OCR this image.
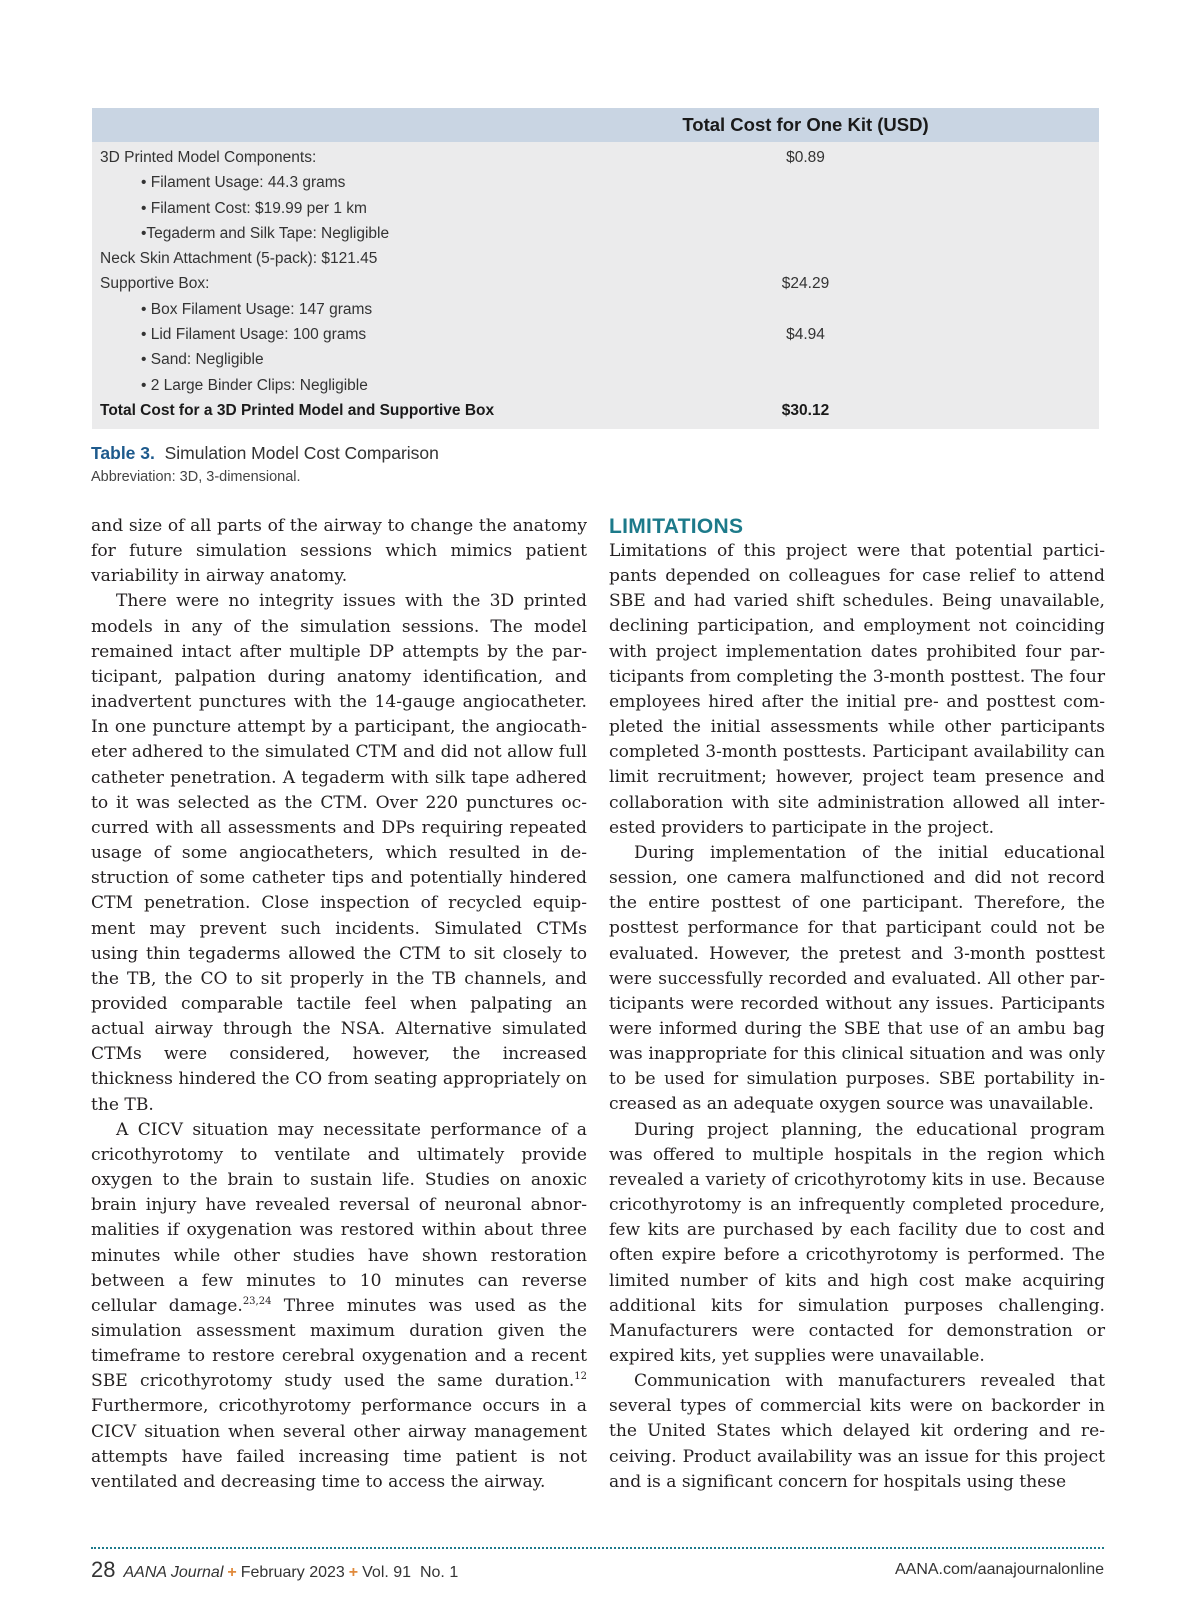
Total Cost for One Kit (USD)
3D Printed Model Components:	$0.89
• Filament Usage: 44.3 grams
• Filament Cost: $19.99 per 1 km
•Tegaderm and Silk Tape: Negligible
Neck Skin Attachment (5-pack): $121.45
Supportive Box:	$24.29
• Box Filament Usage: 147 grams
• Lid Filament Usage: 100 grams	$4.94
• Sand: Negligible
• 2 Large Binder Clips: Negligible
Total Cost for a 3D Printed Model and Supportive Box	$30.12
Table 3. Simulation Model Cost Comparison
Abbreviation: 3D, 3-dimensional.

and size of all parts of the airway to change the anatomy for future simulation sessions which mimics patient variability in airway anatomy.

There were no integrity issues with the 3D printed models in any of the simulation sessions. The model remained intact after multiple DP attempts by the participant, palpation during anatomy identification, and inadvertent punctures with the 14-gauge angiocatheter. In one puncture attempt by a participant, the angiocatheter adhered to the simulated CTM and did not allow full catheter penetration. A tegaderm with silk tape adhered to it was selected as the CTM. Over 220 punctures occurred with all assessments and DPs requiring repeated usage of some angiocatheters, which resulted in destruction of some catheter tips and potentially hindered CTM penetration. Close inspection of recycled equipment may prevent such incidents. Simulated CTMs using thin tegaderms allowed the CTM to sit closely to the TB, the CO to sit properly in the TB channels, and provided comparable tactile feel when palpating an actual airway through the NSA. Alternative simulated CTMs were considered, however, the increased thickness hindered the CO from seating appropriately on the TB.

A CICV situation may necessitate performance of a cricothyrotomy to ventilate and ultimately provide oxygen to the brain to sustain life. Studies on anoxic brain injury have revealed reversal of neuronal abnormalities if oxygenation was restored within about three minutes while other studies have shown restoration between a few minutes to 10 minutes can reverse cellular damage.$^{23,24}$ Three minutes was used as the simulation assessment maximum duration given the timeframe to restore cerebral oxygenation and a recent SBE cricothyrotomy study used the same duration.$^{12}$ Furthermore, cricothyrotomy performance occurs in a CICV situation when several other airway management attempts have failed increasing time patient is not ventilated and decreasing time to access the airway.

LIMITATIONS

Limitations of this project were that potential participants depended on colleagues for case relief to attend SBE and had varied shift schedules. Being unavailable, declining participation, and employment not coinciding with project implementation dates prohibited four participants from completing the 3-month posttest. The four employees hired after the initial pre- and posttest completed the initial assessments while other participants completed 3-month posttests. Participant availability can limit recruitment; however, project team presence and collaboration with site administration allowed all interested providers to participate in the project.

During implementation of the initial educational session, one camera malfunctioned and did not record the entire posttest of one participant. Therefore, the posttest performance for that participant could not be evaluated. However, the pretest and 3-month posttest were successfully recorded and evaluated. All other participants were recorded without any issues. Participants were informed during the SBE that use of an ambu bag was inappropriate for this clinical situation and was only to be used for simulation purposes. SBE portability increased as an adequate oxygen source was unavailable.

During project planning, the educational program was offered to multiple hospitals in the region which revealed a variety of cricothyrotomy kits in use. Because cricothyrotomy is an infrequently completed procedure, few kits are purchased by each facility due to cost and often expire before a cricothyrotomy is performed. The limited number of kits and high cost make acquiring additional kits for simulation purposes challenging. Manufacturers were contacted for demonstration or expired kits, yet supplies were unavailable.

Communication with manufacturers revealed that several types of commercial kits were on backorder in the United States which delayed kit ordering and receiving. Product availability was an issue for this project and is a significant concern for hospitals using these

28 AANA Journal + February 2023 + Vol. 91 No. 1	AANA.com/aanajournalonline
